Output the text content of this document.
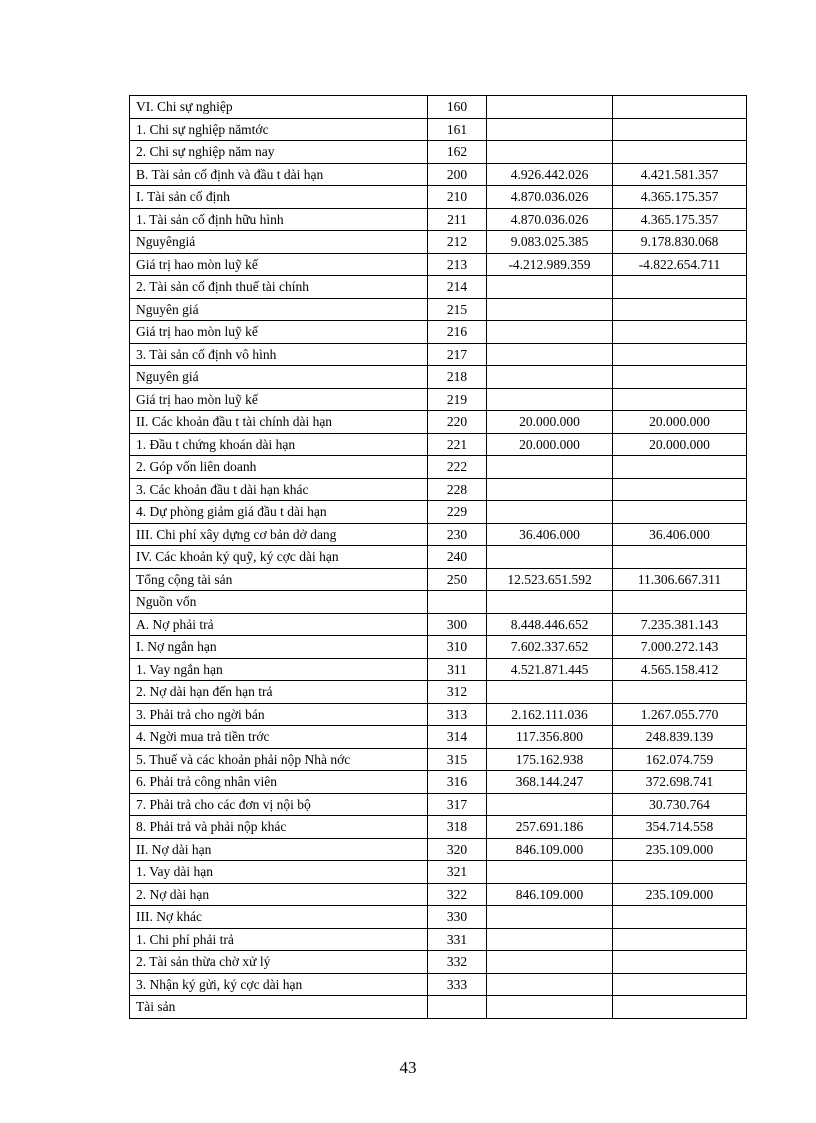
VI. Chi sự nghiệp	160		
1. Chi sự nghiệp nămtớc	161		
2. Chi sự nghiệp năm nay	162		
B. Tài sản cố định và đầu t dài hạn	200	4.926.442.026	4.421.581.357
I. Tài sản cố định	210	4.870.036.026	4.365.175.357
1. Tài sản cố định hữu hình	211	4.870.036.026	4.365.175.357
Nguyêngiá	212	9.083.025.385	9.178.830.068
Giá trị hao mòn luỹ kế	213	-4.212.989.359	-4.822.654.711
2. Tài sản cố định thuế tài chính	214		
Nguyên giá	215		
Giá trị hao mòn luỹ kế	216		
3. Tài sản cố định vô hình	217		
Nguyên giá	218		
Giá trị hao mòn luỹ kế	219		
II. Các khoản đầu t tài chính dài hạn	220	20.000.000	20.000.000
1. Đầu t chứng khoán dài hạn	221	20.000.000	20.000.000
2. Góp vốn liên doanh	222		
3. Các khoản đầu t dài hạn khác	228		
4. Dự phòng giảm giá đầu t dài hạn	229		
III. Chi phí xây dựng cơ bản dở dang	230	36.406.000	36.406.000
IV. Các khoản ký quỹ, ký cợc dài hạn	240		
Tổng cộng tài sản	250	12.523.651.592	11.306.667.311
Nguồn vốn			
A. Nợ phải trả	300	8.448.446.652	7.235.381.143
I. Nợ ngắn hạn	310	7.602.337.652	7.000.272.143
1. Vay ngắn hạn	311	4.521.871.445	4.565.158.412
2. Nợ dài hạn đến hạn trả	312		
3. Phải trả cho ngời bán	313	2.162.111.036	1.267.055.770
4. Ngời mua trả tiền trớc	314	117.356.800	248.839.139
5. Thuế và các khoản phải nộp Nhà nớc	315	175.162.938	162.074.759
6. Phải trả công nhân viên	316	368.144.247	372.698.741
7. Phải trả cho các đơn vị nội bộ	317		30.730.764
8. Phải trả và phải nộp khác	318	257.691.186	354.714.558
II. Nợ dài hạn	320	846.109.000	235.109.000
1. Vay dài hạn	321		
2. Nợ dài hạn	322	846.109.000	235.109.000
III. Nợ khác	330		
1. Chi phí phải trả	331		
2. Tài sản thừa chờ xử lý	332		
3. Nhận ký gửi, ký cợc dài hạn	333		
Tài sản			
43
